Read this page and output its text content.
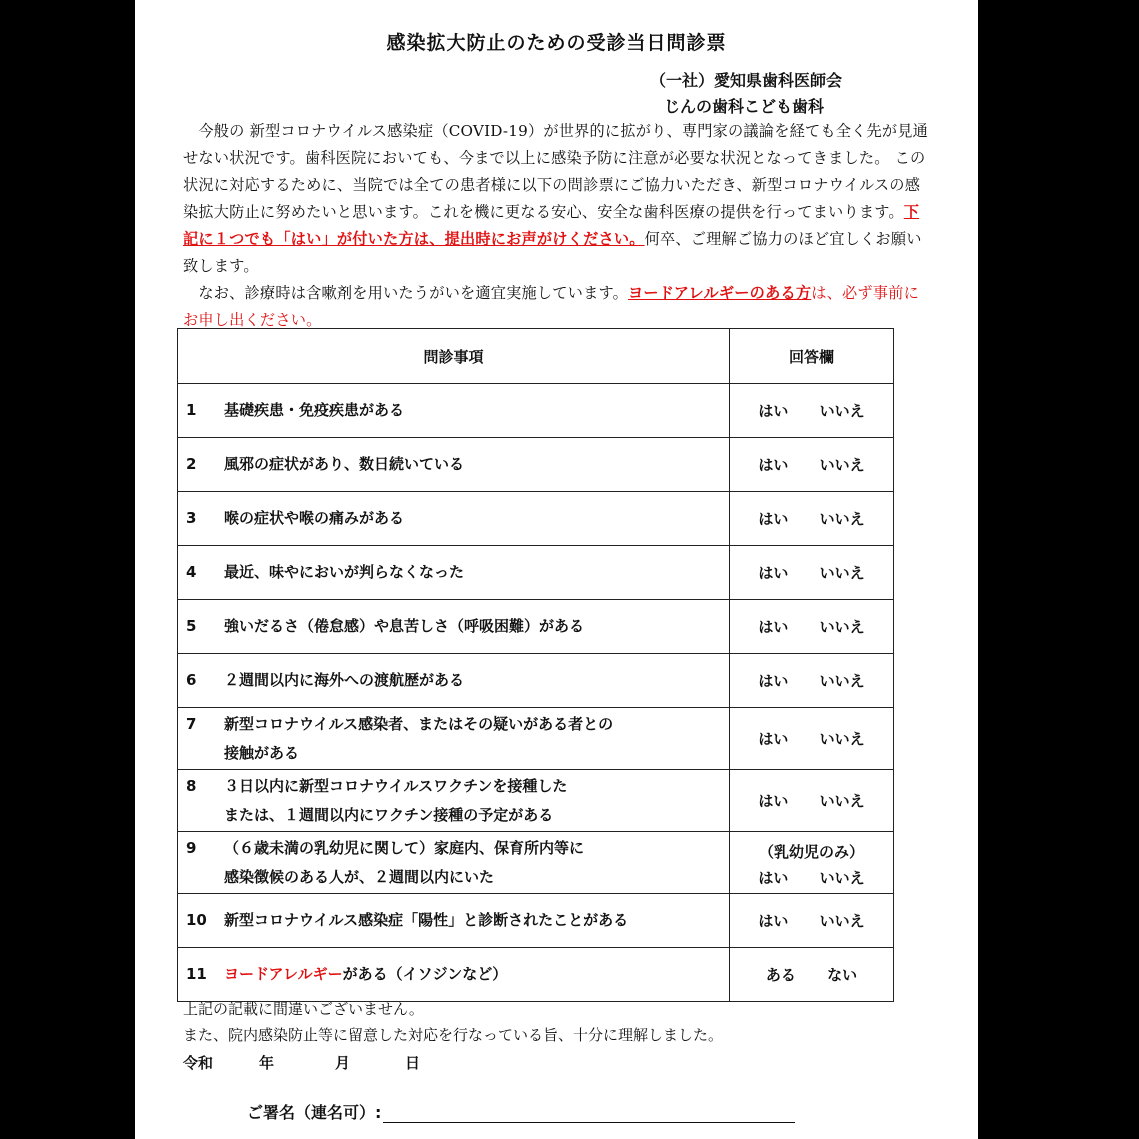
感染拡大防止のための受診当日問診票
（一社）愛知県歯科医師会
じんの歯科こども歯科
　今般の 新型コロナウイルス感染症（COVID-19）が世界的に拡がり、専門家の議論を経ても全く先が見通せない状況です。歯科医院においても、今まで以上に感染予防に注意が必要な状況となってきました。 この状況に対応するために、当院では全ての患者様に以下の問診票にご協力いただき、新型コロナウイルスの感染拡大防止に努めたいと思います。これを機に更なる安心、安全な歯科医療の提供を行ってまいります。下記に１つでも「はい」が付いた方は、提出時にお声がけください。何卒、ご理解ご協力のほど宜しくお願い致します。
　なお、診療時は含嗽剤を用いたうがいを適宜実施しています。ヨードアレルギーのある方は、必ず事前にお申し出ください。
問診事項	回答欄
1 基礎疾患・免疫疾患がある	はい いいえ
2 風邪の症状があり、数日続いている	はい いいえ
3 喉の症状や喉の痛みがある	はい いいえ
4 最近、味やにおいが判らなくなった	はい いいえ
5 強いだるさ（倦怠感）や息苦しさ（呼吸困難）がある	はい いいえ
6 ２週間以内に海外への渡航歴がある	はい いいえ
7 新型コロナウイルス感染者、またはその疑いがある者との
接触がある	はい いいえ
8 ３日以内に新型コロナウイルスワクチンを接種した
または、１週間以内にワクチン接種の予定がある	はい いいえ
9 （６歳未満の乳幼児に関して）家庭内、保育所内等に
感染徴候のある人が、２週間以内にいた	（乳幼児のみ）
はい いいえ
10 新型コロナウイルス感染症「陽性」と診断されたことがある	はい いいえ
11 ヨードアレルギーがある（イソジンなど）	ある ない
上記の記載に間違いございません。
また、院内感染防止等に留意した対応を行なっている旨、十分に理解しました。
令和	年	月	日
ご署名（連名可）:
